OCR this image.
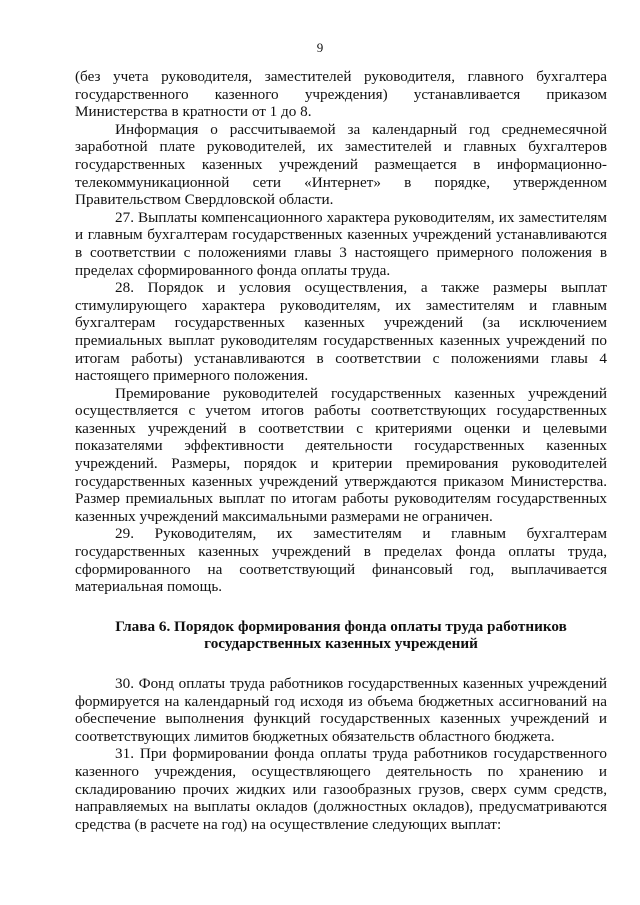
9

(без учета руководителя, заместителей руководителя, главного бухгалтера государственного казенного учреждения) устанавливается приказом Министерства в кратности от 1 до 8.

Информация о рассчитываемой за календарный год среднемесячной заработной плате руководителей, их заместителей и главных бухгалтеров государственных казенных учреждений размещается в информационно-телекоммуникационной сети «Интернет» в порядке, утвержденном Правительством Свердловской области.

27. Выплаты компенсационного характера руководителям, их заместителям и главным бухгалтерам государственных казенных учреждений устанавливаются в соответствии с положениями главы 3 настоящего примерного положения в пределах сформированного фонда оплаты труда.

28. Порядок и условия осуществления, а также размеры выплат стимулирующего характера руководителям, их заместителям и главным бухгалтерам государственных казенных учреждений (за исключением премиальных выплат руководителям государственных казенных учреждений по итогам работы) устанавливаются в соответствии с положениями главы 4 настоящего примерного положения.

Премирование руководителей государственных казенных учреждений осуществляется с учетом итогов работы соответствующих государственных казенных учреждений в соответствии с критериями оценки и целевыми показателями эффективности деятельности государственных казенных учреждений. Размеры, порядок и критерии премирования руководителей государственных казенных учреждений утверждаются приказом Министерства. Размер премиальных выплат по итогам работы руководителям государственных казенных учреждений максимальными размерами не ограничен.

29. Руководителям, их заместителям и главным бухгалтерам государственных казенных учреждений в пределах фонда оплаты труда, сформированного на соответствующий финансовый год, выплачивается материальная помощь.

Глава 6. Порядок формирования фонда оплаты труда работников
государственных казенных учреждений

30. Фонд оплаты труда работников государственных казенных учреждений формируется на календарный год исходя из объема бюджетных ассигнований на обеспечение выполнения функций государственных казенных учреждений и соответствующих лимитов бюджетных обязательств областного бюджета.

31. При формировании фонда оплаты труда работников государственного казенного учреждения, осуществляющего деятельность по хранению и складированию прочих жидких или газообразных грузов, сверх сумм средств, направляемых на выплаты окладов (должностных окладов), предусматриваются средства (в расчете на год) на осуществление следующих выплат:
